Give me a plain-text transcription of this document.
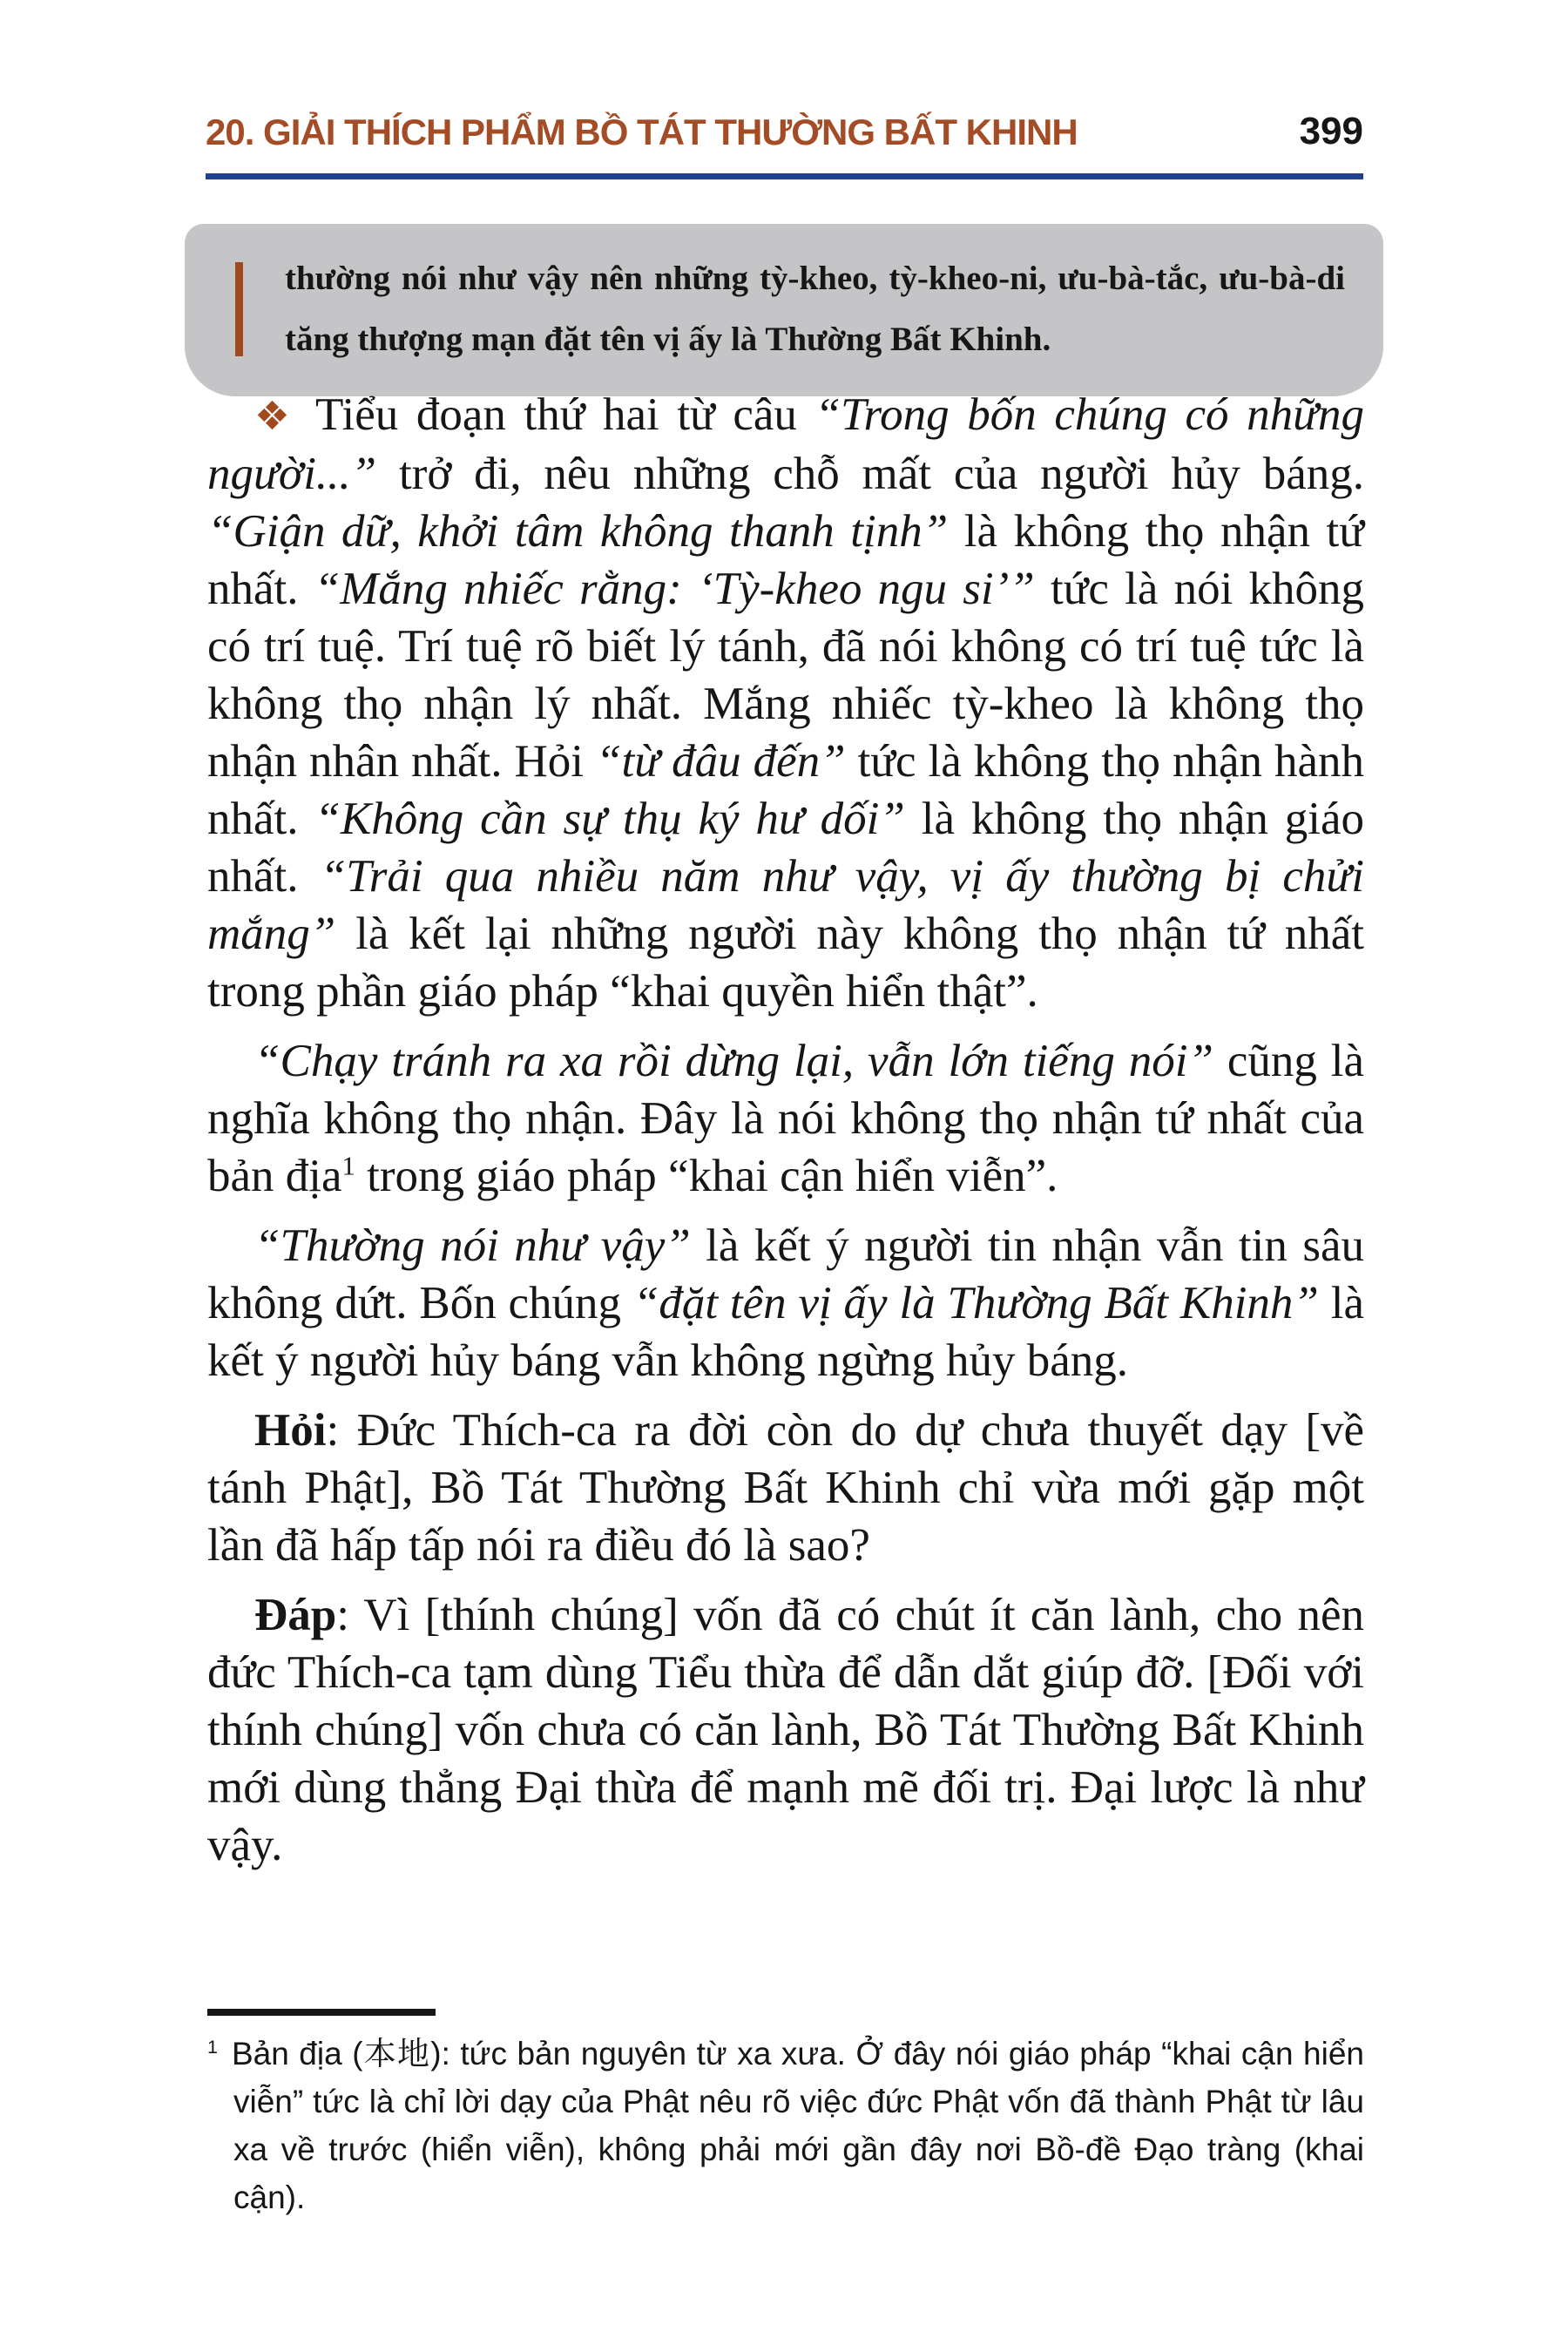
20. GIẢI THÍCH PHẨM BỒ TÁT THƯỜNG BẤT KHINH	399

thường nói như vậy nên những tỳ-kheo, tỳ-kheo-ni, ưu-bà-tắc, ưu-bà-di tăng thượng mạn đặt tên vị ấy là Thường Bất Khinh.

❖ Tiểu đoạn thứ hai từ câu “Trong bốn chúng có những người...” trở đi, nêu những chỗ mất của người hủy báng. “Giận dữ, khởi tâm không thanh tịnh” là không thọ nhận tứ nhất. “Mắng nhiếc rằng: ‘Tỳ-kheo ngu si’” tức là nói không có trí tuệ. Trí tuệ rõ biết lý tánh, đã nói không có trí tuệ tức là không thọ nhận lý nhất. Mắng nhiếc tỳ-kheo là không thọ nhận nhân nhất. Hỏi “từ đâu đến” tức là không thọ nhận hành nhất. “Không cần sự thụ ký hư dối” là không thọ nhận giáo nhất. “Trải qua nhiều năm như vậy, vị ấy thường bị chửi mắng” là kết lại những người này không thọ nhận tứ nhất trong phần giáo pháp “khai quyền hiển thật”.

“Chạy tránh ra xa rồi dừng lại, vẫn lớn tiếng nói” cũng là nghĩa không thọ nhận. Đây là nói không thọ nhận tứ nhất của bản địa$^1$ trong giáo pháp “khai cận hiển viễn”.

“Thường nói như vậy” là kết ý người tin nhận vẫn tin sâu không dứt. Bốn chúng “đặt tên vị ấy là Thường Bất Khinh” là kết ý người hủy báng vẫn không ngừng hủy báng.

Hỏi: Đức Thích-ca ra đời còn do dự chưa thuyết dạy [về tánh Phật], Bồ Tát Thường Bất Khinh chỉ vừa mới gặp một lần đã hấp tấp nói ra điều đó là sao?

Đáp: Vì [thính chúng] vốn đã có chút ít căn lành, cho nên đức Thích-ca tạm dùng Tiểu thừa để dẫn dắt giúp đỡ. [Đối với thính chúng] vốn chưa có căn lành, Bồ Tát Thường Bất Khinh mới dùng thẳng Đại thừa để mạnh mẽ đối trị. Đại lược là như vậy.

$^1$ Bản địa (本地): tức bản nguyên từ xa xưa. Ở đây nói giáo pháp “khai cận hiển viễn” tức là chỉ lời dạy của Phật nêu rõ việc đức Phật vốn đã thành Phật từ lâu xa về trước (hiển viễn), không phải mới gần đây nơi Bồ-đề Đạo tràng (khai cận).
